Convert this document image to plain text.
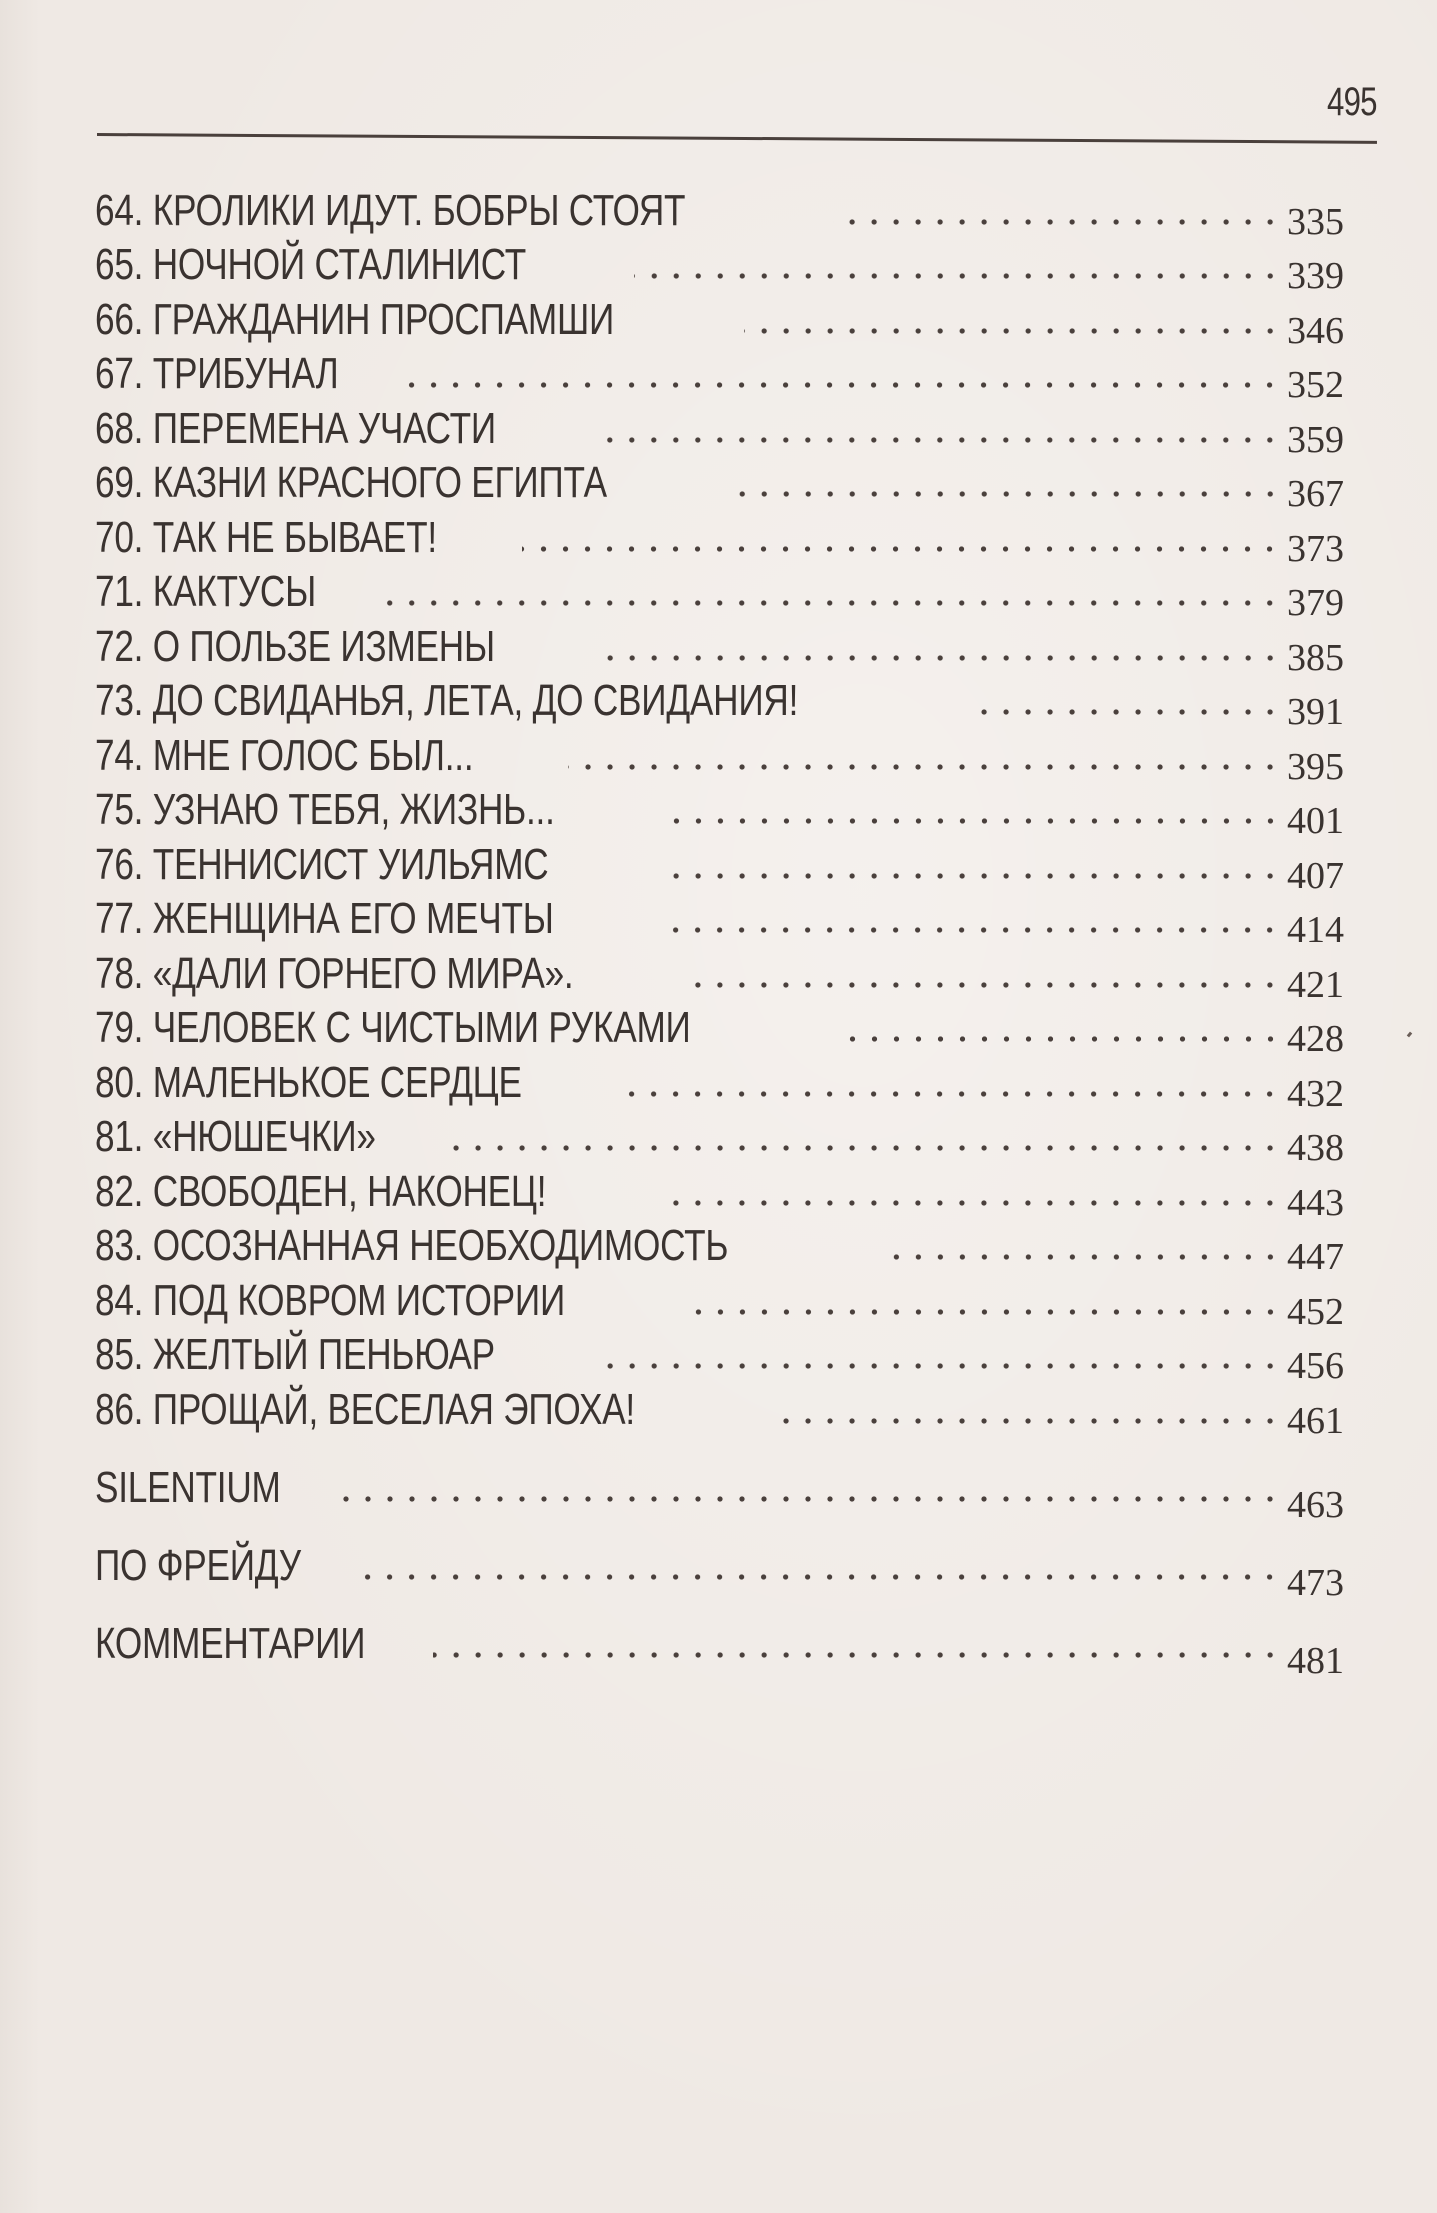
495
64. КРОЛИКИ ИДУТ. БОБРЫ СТОЯТ	335
65. НОЧНОЙ СТАЛИНИСТ	339
66. ГРАЖДАНИН ПРОСПАМШИ	346
67. ТРИБУНАЛ	352
68. ПЕРЕМЕНА УЧАСТИ	359
69. КАЗНИ КРАСНОГО ЕГИПТА	367
70. ТАК НЕ БЫВАЕТ!	373
71. КАКТУСЫ	379
72. О ПОЛЬЗЕ ИЗМЕНЫ	385
73. ДО СВИДАНЬЯ, ЛЕТА, ДО СВИДАНИЯ!	391
74. МНЕ ГОЛОС БЫЛ...	395
75. УЗНАЮ ТЕБЯ, ЖИЗНЬ...	401
76. ТЕННИСИСТ УИЛЬЯМС	407
77. ЖЕНЩИНА ЕГО МЕЧТЫ	414
78. «ДАЛИ ГОРНЕГО МИРА».	421
79. ЧЕЛОВЕК С ЧИСТЫМИ РУКАМИ	428
80. МАЛЕНЬКОЕ СЕРДЦЕ	432
81. «НЮШЕЧКИ»	438
82. СВОБОДЕН, НАКОНЕЦ!	443
83. ОСОЗНАННАЯ НЕОБХОДИМОСТЬ	447
84. ПОД КОВРОМ ИСТОРИИ	452
85. ЖЕЛТЫЙ ПЕНЬЮАР	456
86. ПРОЩАЙ, ВЕСЕЛАЯ ЭПОХА!	461
SILENTIUM	463
ПО ФРЕЙДУ	473
КОММЕНТАРИИ	481
